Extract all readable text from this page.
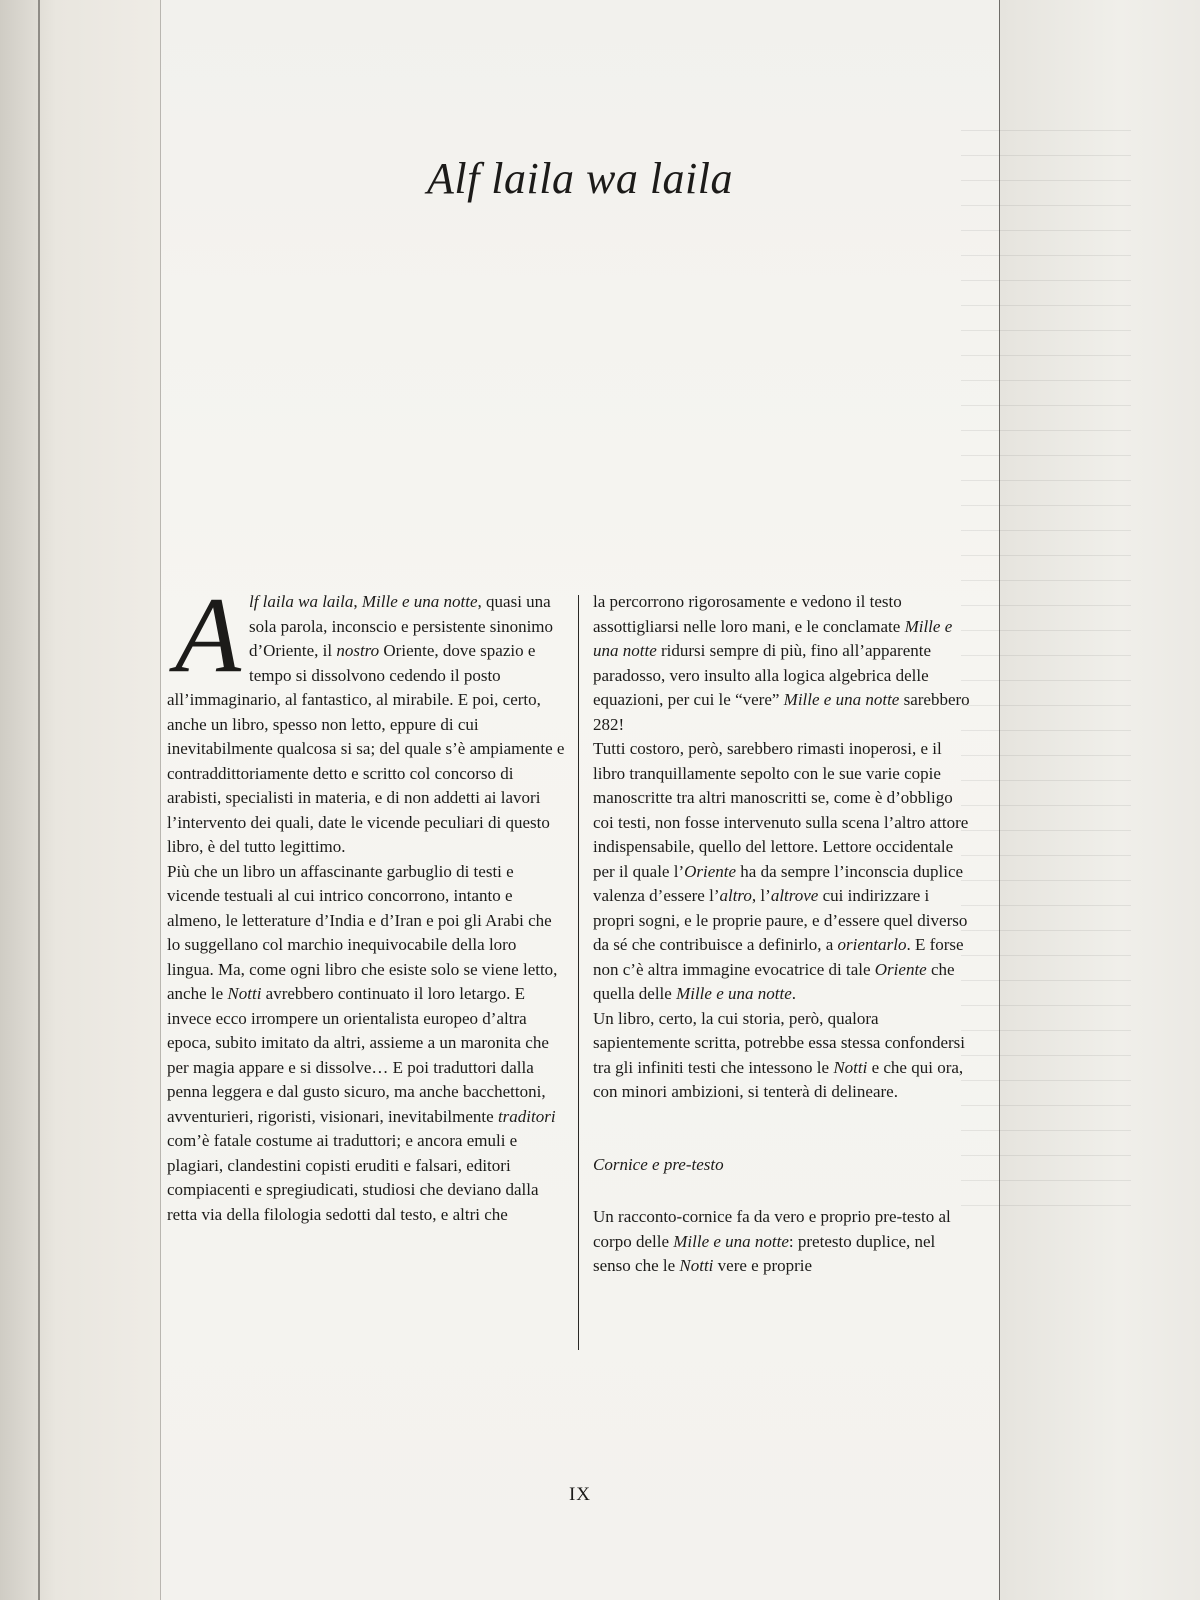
Alf laila wa laila

A lf laila wa laila, Mille e una notte, quasi una sola parola, inconscio e persistente sinonimo d’Oriente, il nostro Oriente, dove spazio e tempo si dissolvono cedendo il posto all’immaginario, al fantastico, al mirabile. E poi, certo, anche un libro, spesso non letto, eppure di cui inevitabilmente qualcosa si sa; del quale s’è ampiamente e contraddittoriamente detto e scritto col concorso di arabisti, specialisti in materia, e di non addetti ai lavori l’intervento dei quali, date le vicende peculiari di questo libro, è del tutto legittimo.

Più che un libro un affascinante garbuglio di testi e vicende testuali al cui intrico concorrono, intanto e almeno, le letterature d’India e d’Iran e poi gli Arabi che lo suggellano col marchio inequivocabile della loro lingua. Ma, come ogni libro che esiste solo se viene letto, anche le Notti avrebbero continuato il loro letargo. E invece ecco irrompere un orientalista europeo d’altra epoca, subito imitato da altri, assieme a un maronita che per magia appare e si dissolve… E poi traduttori dalla penna leggera e dal gusto sicuro, ma anche bacchettoni, avventurieri, rigoristi, visionari, inevitabilmente traditori com’è fatale costume ai traduttori; e ancora emuli e plagiari, clandestini copisti eruditi e falsari, editori compiacenti e spregiudicati, studiosi che deviano dalla retta via della filologia sedotti dal testo, e altri che

la percorrono rigorosamente e vedono il testo assottigliarsi nelle loro mani, e le conclamate Mille e una notte ridursi sempre di più, fino all’apparente paradosso, vero insulto alla logica algebrica delle equazioni, per cui le “vere” Mille e una notte sarebbero 282!

Tutti costoro, però, sarebbero rimasti inoperosi, e il libro tranquillamente sepolto con le sue varie copie manoscritte tra altri manoscritti se, come è d’obbligo coi testi, non fosse intervenuto sulla scena l’altro attore indispensabile, quello del lettore. Lettore occidentale per il quale l’Oriente ha da sempre l’inconscia duplice valenza d’essere l’altro, l’altrove cui indirizzare i propri sogni, e le proprie paure, e d’essere quel diverso da sé che contribuisce a definirlo, a orientarlo. E forse non c’è altra immagine evocatrice di tale Oriente che quella delle Mille e una notte.

Un libro, certo, la cui storia, però, qualora sapientemente scritta, potrebbe essa stessa confondersi tra gli infiniti testi che intessono le Notti e che qui ora, con minori ambizioni, si tenterà di delineare.

Cornice e pre-testo

Un racconto-cornice fa da vero e proprio pre-testo al corpo delle Mille e una notte: pretesto duplice, nel senso che le Notti vere e proprie

IX
